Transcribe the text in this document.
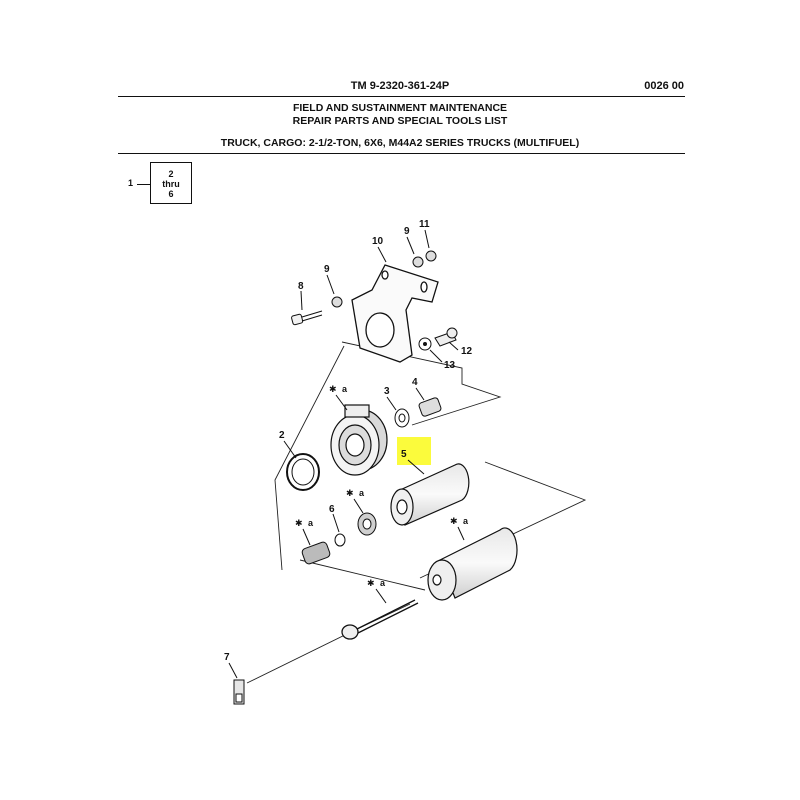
TM 9-2320-361-24P	0026 00
FIELD AND SUSTAINMENT MAINTENANCE
REPAIR PARTS AND SPECIAL TOOLS LIST
TRUCK, CARGO: 2-1/2-TON, 6X6, M44A2 SERIES TRUCKS (MULTIFUEL)
1
2
thru
6
2
3
4
5
6
7
8
9
9
10
11
12
13
✱ a
✱ a
✱ a	✱ a
✱ a
